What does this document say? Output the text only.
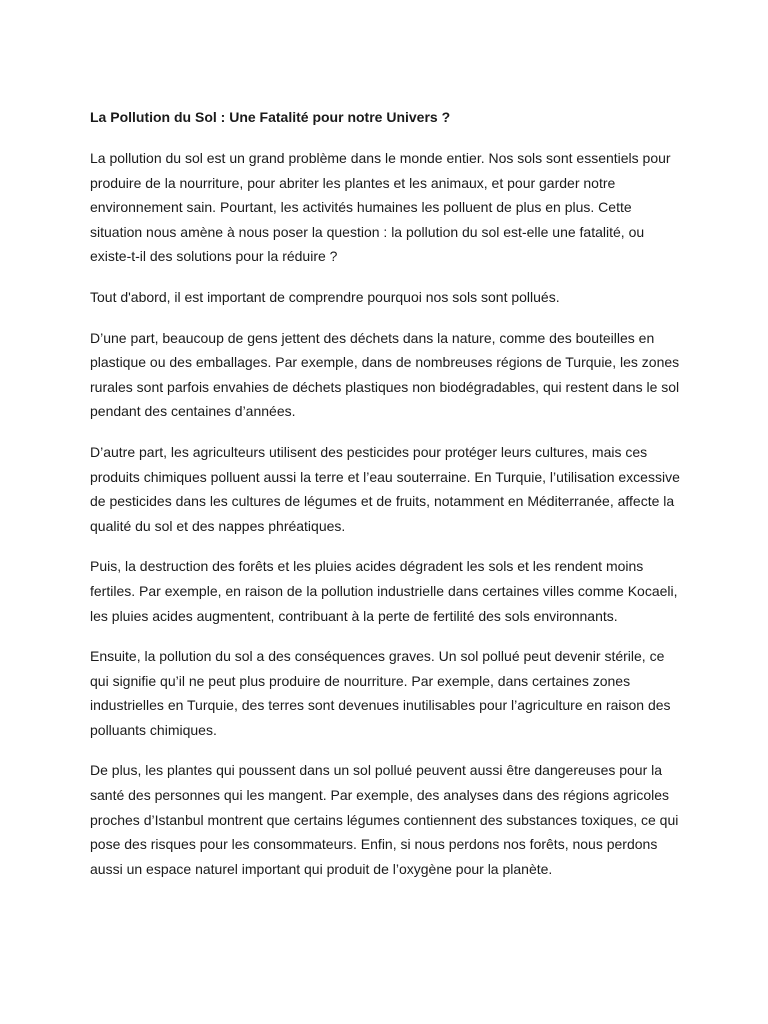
La Pollution du Sol : Une Fatalité pour notre Univers ?

La pollution du sol est un grand problème dans le monde entier. Nos sols sont essentiels pour produire de la nourriture, pour abriter les plantes et les animaux, et pour garder notre environnement sain. Pourtant, les activités humaines les polluent de plus en plus. Cette situation nous amène à nous poser la question : la pollution du sol est-elle une fatalité, ou existe-t-il des solutions pour la réduire ?

Tout d'abord, il est important de comprendre pourquoi nos sols sont pollués.

D’une part, beaucoup de gens jettent des déchets dans la nature, comme des bouteilles en plastique ou des emballages. Par exemple, dans de nombreuses régions de Turquie, les zones rurales sont parfois envahies de déchets plastiques non biodégradables, qui restent dans le sol pendant des centaines d’années.

D’autre part, les agriculteurs utilisent des pesticides pour protéger leurs cultures, mais ces produits chimiques polluent aussi la terre et l’eau souterraine. En Turquie, l’utilisation excessive de pesticides dans les cultures de légumes et de fruits, notamment en Méditerranée, affecte la qualité du sol et des nappes phréatiques.

Puis, la destruction des forêts et les pluies acides dégradent les sols et les rendent moins fertiles. Par exemple, en raison de la pollution industrielle dans certaines villes comme Kocaeli, les pluies acides augmentent, contribuant à la perte de fertilité des sols environnants.

Ensuite, la pollution du sol a des conséquences graves. Un sol pollué peut devenir stérile, ce qui signifie qu’il ne peut plus produire de nourriture. Par exemple, dans certaines zones industrielles en Turquie, des terres sont devenues inutilisables pour l’agriculture en raison des polluants chimiques.

De plus, les plantes qui poussent dans un sol pollué peuvent aussi être dangereuses pour la santé des personnes qui les mangent. Par exemple, des analyses dans des régions agricoles proches d’Istanbul montrent que certains légumes contiennent des substances toxiques, ce qui pose des risques pour les consommateurs. Enfin, si nous perdons nos forêts, nous perdons aussi un espace naturel important qui produit de l’oxygène pour la planète.
